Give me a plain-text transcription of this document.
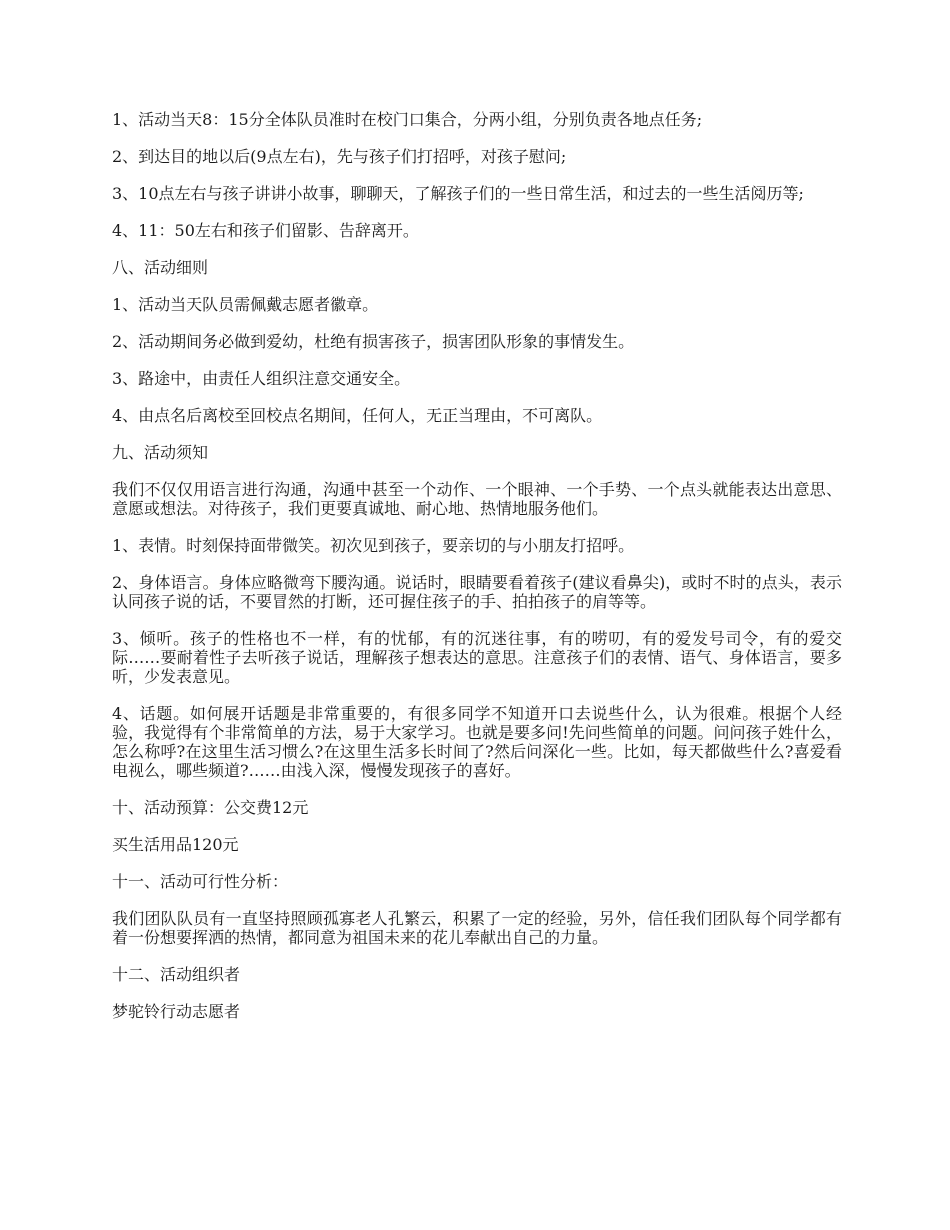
1、活动当天8：15分全体队员准时在校门口集合，分两小组，分别负责各地点任务;

2、到达目的地以后(9点左右)，先与孩子们打招呼，对孩子慰问;

3、10点左右与孩子讲讲小故事，聊聊天，了解孩子们的一些日常生活，和过去的一些生活阅历等;

4、11：50左右和孩子们留影、告辞离开。

八、活动细则

1、活动当天队员需佩戴志愿者徽章。

2、活动期间务必做到爱幼，杜绝有损害孩子，损害团队形象的事情发生。

3、路途中，由责任人组织注意交通安全。

4、由点名后离校至回校点名期间，任何人，无正当理由，不可离队。

九、活动须知

我们不仅仅用语言进行沟通，沟通中甚至一个动作、一个眼神、一个手势、一个点头就能表达出意思、意愿或想法。对待孩子，我们更要真诚地、耐心地、热情地服务他们。

1、表情。时刻保持面带微笑。初次见到孩子，要亲切的与小朋友打招呼。

2、身体语言。身体应略微弯下腰沟通。说话时，眼睛要看着孩子(建议看鼻尖)，或时不时的点头，表示认同孩子说的话，不要冒然的打断，还可握住孩子的手、拍拍孩子的肩等等。

3、倾听。孩子的性格也不一样，有的忧郁，有的沉迷往事，有的唠叨，有的爱发号司令，有的爱交际……要耐着性子去听孩子说话，理解孩子想表达的意思。注意孩子们的表情、语气、身体语言，要多听，少发表意见。

4、话题。如何展开话题是非常重要的，有很多同学不知道开口去说些什么，认为很难。根据个人经验，我觉得有个非常简单的方法，易于大家学习。也就是要多问!先问些简单的问题。问问孩子姓什么，怎么称呼?在这里生活习惯么?在这里生活多长时间了?然后问深化一些。比如，每天都做些什么?喜爱看电视么，哪些频道?……由浅入深，慢慢发现孩子的喜好。

十、活动预算：公交费12元

买生活用品120元

十一、活动可行性分析：

我们团队队员有一直坚持照顾孤寡老人孔繁云，积累了一定的经验，另外，信任我们团队每个同学都有着一份想要挥洒的热情，都同意为祖国未来的花儿奉献出自己的力量。

十二、活动组织者

梦驼铃行动志愿者
